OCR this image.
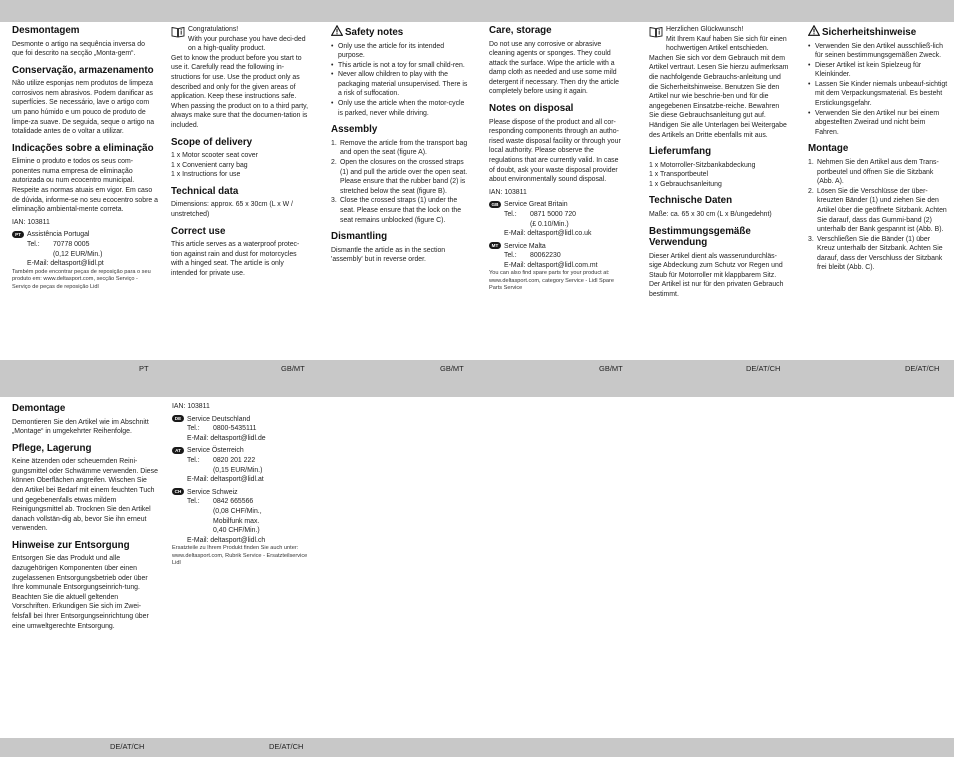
Desmontagem

Desmonte o artigo na sequência inversa do que foi descrito na secção „Monta-gem“.

Conservação, armazenamento

Não utilize esponjas nem produtos de limpeza corrosivos nem abrasivos. Podem danificar as superfícies. Se necessário, lave o artigo com um pano húmido e um pouco de produto de limpe-za suave. De seguida, seque o artigo na totalidade antes de o voltar a utilizar.

Indicações sobre a eliminação

Elimine o produto e todos os seus com-ponentes numa empresa de eliminação autorizada ou num ecocentro municipal. Respeite as normas atuais em vigor. Em caso de dúvida, informe-se no seu ecocentro sobre a eliminação ambiental-mente correta.

IAN: 103811

PT Assistência Portugal

Tel.: 70778 0005

(0,12 EUR/Min.)

E-Mail: deltasport@lidl.pt

Também pode encontrar peças de reposição para o seu produto em: www.deltasport.com, secção Serviço - Serviço de peças de reposição Lidl

Congratulations!

With your purchase you have deci-ded on a high-quality product.

Get to know the product before you start to use it. Carefully read the following in-structions for use. Use the product only as described and only for the given areas of application. Keep these instructions safe. When passing the product on to a third party, always make sure that the documen-tation is included.

Scope of delivery

1 x Motor scooter seat cover

1 x Convenient carry bag

1 x Instructions for use

Technical data

Dimensions: approx. 65 x 30cm (L x W / unstretched)

Correct use

This article serves as a waterproof protec-tion against rain and dust for motorcycles with a hinged seat. The article is only intended for private use.

Safety notes
• Only use the article for its intended purpose.
• This article is not a toy for small child-ren.
• Never allow children to play with the packaging material unsupervised. There is a risk of suffocation.
• Only use the article when the motor-cycle is parked, never while driving.
Assembly
1. Remove the article from the transport bag and open the seat (figure A).
2. Open the closures on the crossed straps (1) and pull the article over the open seat. Please ensure that the rubber band (2) is stretched below the seat (figure B).
3. Close the crossed straps (1) under the seat. Please ensure that the lock on the seat remains unblocked (figure C).
Dismantling

Dismantle the article as in the section 'assembly' but in reverse order.

Care, storage

Do not use any corrosive or abrasive cleaning agents or sponges. They could attack the surface. Wipe the article with a damp cloth as needed and use some mild detergent if necessary. Then dry the article completely before using it again.

Notes on disposal

Please dispose of the product and all cor-responding components through an autho-rised waste disposal facility or through your local authority. Please observe the regulations that are currently valid. In case of doubt, ask your waste disposal provider about environmentally sound disposal.

IAN: 103811

GB Service Great Britain

Tel.: 0871 5000 720

(£ 0.10/Min.)

E-Mail: deltasport@lidl.co.uk

MT Service Malta

Tel.: 80062230

E-Mail: deltasport@lidl.com.mt

You can also find spare parts for your product at: www.deltasport.com, category Service - Lidl Spare Parts Service

Herzlichen Glückwunsch!

Mit Ihrem Kauf haben Sie sich für einen hochwertigen Artikel entschieden.

Machen Sie sich vor dem Gebrauch mit dem Artikel vertraut. Lesen Sie hierzu aufmerksam die nachfolgende Gebrauchs-anleitung und die Sicherheitshinweise. Benutzen Sie den Artikel nur wie beschrie-ben und für die angegebenen Einsatzbe-reiche. Bewahren Sie diese Gebrauchsanleitung gut auf. Händigen Sie alle Unterlagen bei Weitergabe des Artikels an Dritte ebenfalls mit aus.

Lieferumfang

1 x Motorroller-Sitzbankabdeckung

1 x Transportbeutel

1 x Gebrauchsanleitung

Technische Daten

Maße: ca. 65 x 30 cm (L x B/ungedehnt)

Bestimmungsgemäße Verwendung

Dieser Artikel dient als wasserundurchläs-sige Abdeckung zum Schutz vor Regen und Staub für Motorroller mit klappbarem Sitz. Der Artikel ist nur für den privaten Gebrauch bestimmt.

Sicherheitshinweise
• Verwenden Sie den Artikel ausschließ-lich für seinen bestimmungsgemäßen Zweck.
• Dieser Artikel ist kein Spielzeug für Kleinkinder.
• Lassen Sie Kinder niemals unbeauf-sichtigt mit dem Verpackungsmaterial. Es besteht Erstickungsgefahr.
• Verwenden Sie den Artikel nur bei einem abgestellten Zweirad und nicht beim Fahren.
Montage
1. Nehmen Sie den Artikel aus dem Trans-portbeutel und öffnen Sie die Sitzbank (Abb. A).
2. Lösen Sie die Verschlüsse der über-kreuzten Bänder (1) und ziehen Sie den Artikel über die geöffnete Sitzbank. Achten Sie darauf, dass das Gummi-band (2) unterhalb der Bank gespannt ist (Abb. B).
3. Verschließen Sie die Bänder (1) über Kreuz unterhalb der Sitzbank. Achten Sie darauf, dass der Verschluss der Sitzbank frei bleibt (Abb. C).
PT	GB/MT	GB/MT	GB/MT	DE/AT/CH	DE/AT/CH
Demontage

Demontieren Sie den Artikel wie im Abschnitt „Montage“ in umgekehrter Reihenfolge.

Pflege, Lagerung

Keine ätzenden oder scheuernden Reini-gungsmittel oder Schwämme verwenden. Diese können Oberflächen angreifen. Wischen Sie den Artikel bei Bedarf mit einem feuchten Tuch und gegebenenfalls etwas mildem Reinigungsmittel ab. Trocknen Sie den Artikel danach vollstän-dig ab, bevor Sie ihn erneut verwenden.

Hinweise zur Entsorgung

Entsorgen Sie das Produkt und alle dazugehörigen Komponenten über einen zugelassenen Entsorgungsbetrieb oder über Ihre kommunale Entsorgungseinrich-tung. Beachten Sie die aktuell geltenden Vorschriften. Erkundigen Sie sich im Zwei-felsfall bei Ihrer Entsorgungseinrichtung über eine umweltgerechte Entsorgung.

IAN: 103811

DE Service Deutschland

Tel.: 0800-5435111

E-Mail: deltasport@lidl.de

AT Service Österreich

Tel.: 0820 201 222

(0,15 EUR/Min.)

E-Mail: deltasport@lidl.at

CH Service Schweiz

Tel.: 0842 665566

(0,08 CHF/Min.,

Mobilfunk max.

0,40 CHF/Min.)

E-Mail: deltasport@lidl.ch

Ersatzteile zu Ihrem Produkt finden Sie auch unter: www.deltasport.com, Rubrik Service - Ersatzteilservice Lidl

DE/AT/CH	DE/AT/CH
